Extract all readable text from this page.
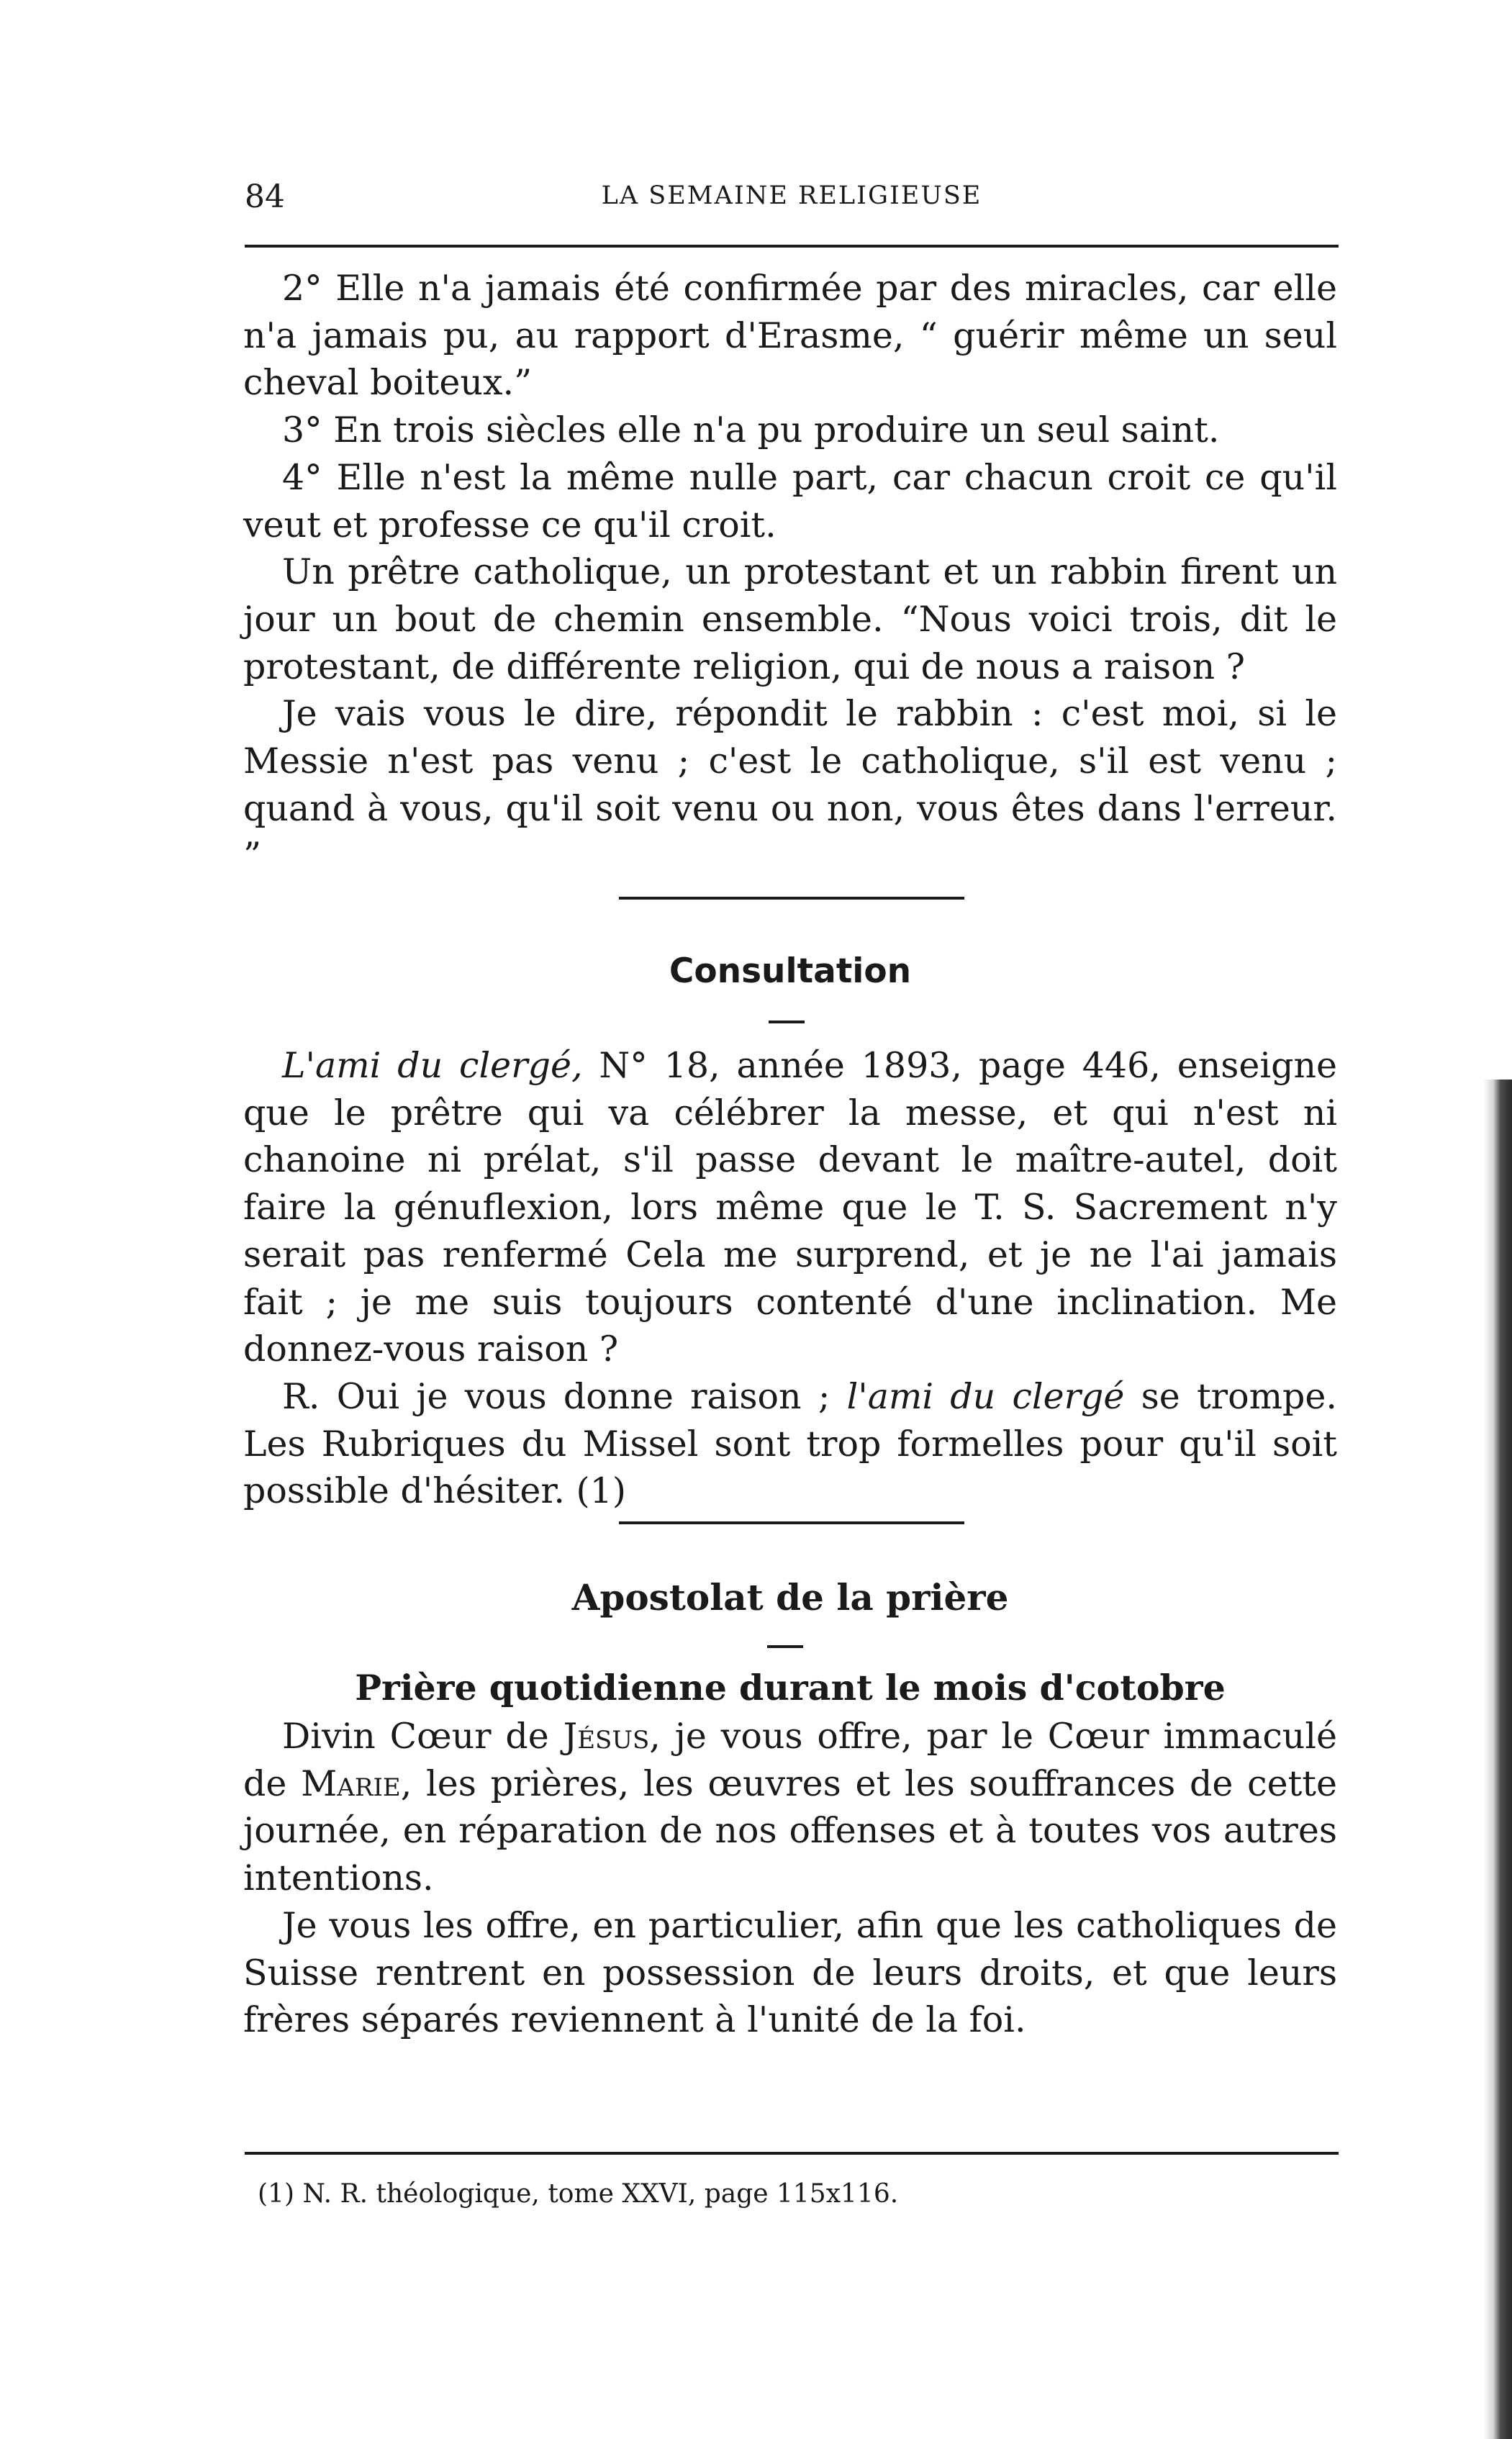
84	LA SEMAINE RELIGIEUSE

2° Elle n'a jamais été confirmée par des miracles, car elle n'a jamais pu, au rapport d'Erasme, “ guérir même un seul cheval boiteux.”

3° En trois siècles elle n'a pu produire un seul saint.

4° Elle n'est la même nulle part, car chacun croit ce qu'il veut et professe ce qu'il croit.

Un prêtre catholique, un protestant et un rabbin firent un jour un bout de chemin ensemble. “Nous voici trois, dit le protestant, de différente religion, qui de nous a raison ?

Je vais vous le dire, répondit le rabbin : c'est moi, si le Messie n'est pas venu ; c'est le catholique, s'il est venu ; quand à vous, qu'il soit venu ou non, vous êtes dans l'erreur. ”

Consultation

L'ami du clergé, N° 18, année 1893, page 446, enseigne que le prêtre qui va célébrer la messe, et qui n'est ni chanoine ni prélat, s'il passe devant le maître-autel, doit faire la génuflexion, lors même que le T. S. Sacrement n'y serait pas renfermé Cela me surprend, et je ne l'ai jamais fait ; je me suis toujours contenté d'une inclination. Me donnez-vous raison ?

R. Oui je vous donne raison ; l'ami du clergé se trompe. Les Rubriques du Missel sont trop formelles pour qu'il soit possible d'hésiter. (1)

Apostolat de la prière
Prière quotidienne durant le mois d'cotobre

Divin Cœur de Jésus, je vous offre, par le Cœur immaculé de Marie, les prières, les œuvres et les souffrances de cette journée, en réparation de nos offenses et à toutes vos autres intentions.

Je vous les offre, en particulier, afin que les catholiques de Suisse rentrent en possession de leurs droits, et que leurs frères séparés reviennent à l'unité de la foi.

(1) N. R. théologique, tome XXVI, page 115x116.
